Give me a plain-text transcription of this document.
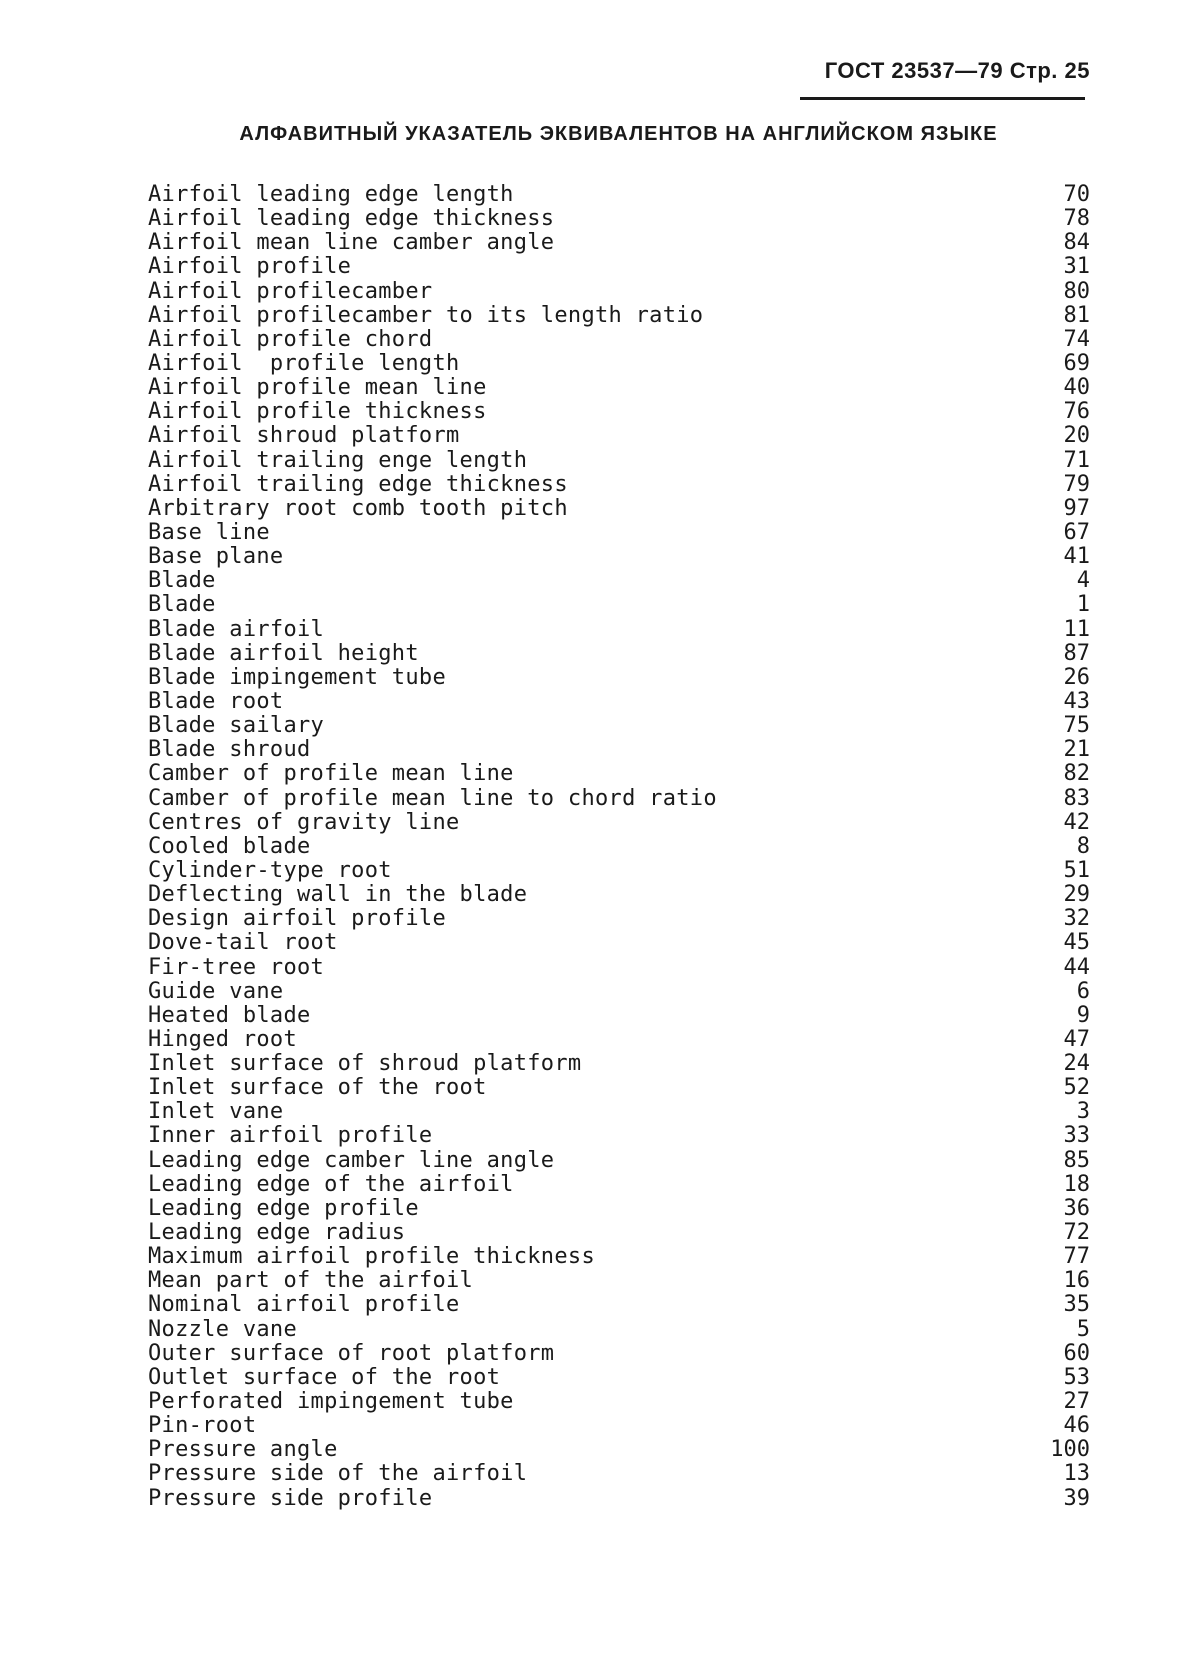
ГОСТ 23537—79 Стр. 25
АЛФАВИТНЫЙ УКАЗАТЕЛЬ ЭКВИВАЛЕНТОВ НА АНГЛИЙСКОМ ЯЗЫКЕ
Airfoil leading edge length	70
Airfoil leading edge thickness	78
Airfoil mean line camber angle	84
Airfoil profile	31
Airfoil profilecamber	80
Airfoil profilecamber to its length ratio	81
Airfoil profile chord	74
Airfoil  profile length	69
Airfoil profile mean line	40
Airfoil profile thickness	76
Airfoil shroud platform	20
Airfoil trailing enge length	71
Airfoil trailing edge thickness	79
Arbitrary root comb tooth pitch	97
Base line	67
Base plane	41
Blade	4
Blade	1
Blade airfoil	11
Blade airfoil height	87
Blade impingement tube	26
Blade root	43
Blade sailary	75
Blade shroud	21
Camber of profile mean line	82
Camber of profile mean line to chord ratio	83
Centres of gravity line	42
Cooled blade	8
Cylinder-type root	51
Deflecting wall in the blade	29
Design airfoil profile	32
Dove-tail root	45
Fir-tree root	44
Guide vane	6
Heated blade	9
Hinged root	47
Inlet surface of shroud platform	24
Inlet surface of the root	52
Inlet vane	3
Inner airfoil profile	33
Leading edge camber line angle	85
Leading edge of the airfoil	18
Leading edge profile	36
Leading edge radius	72
Maximum airfoil profile thickness	77
Mean part of the airfoil	16
Nominal airfoil profile	35
Nozzle vane	5
Outer surface of root platform	60
Outlet surface of the root	53
Perforated impingement tube	27
Pin-root	46
Pressure angle	100
Pressure side of the airfoil	13
Pressure side profile	39
